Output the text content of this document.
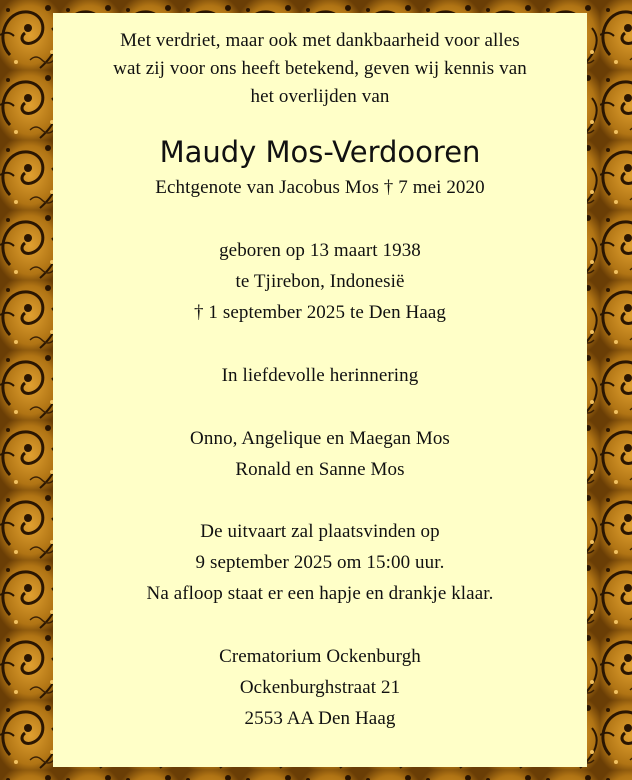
Met verdriet, maar ook met dankbaarheid voor alles
wat zij voor ons heeft betekend, geven wij kennis van
het overlijden van
Maudy Mos-Verdooren
Echtgenote van Jacobus Mos † 7 mei 2020
geboren op 13 maart 1938
te Tjirebon, Indonesië
† 1 september 2025 te Den Haag
In liefdevolle herinnering
Onno, Angelique en Maegan Mos
Ronald en Sanne Mos
De uitvaart zal plaatsvinden op
9 september 2025 om 15:00 uur.
Na afloop staat er een hapje en drankje klaar.
Crematorium Ockenburgh
Ockenburghstraat 21
2553 AA Den Haag
